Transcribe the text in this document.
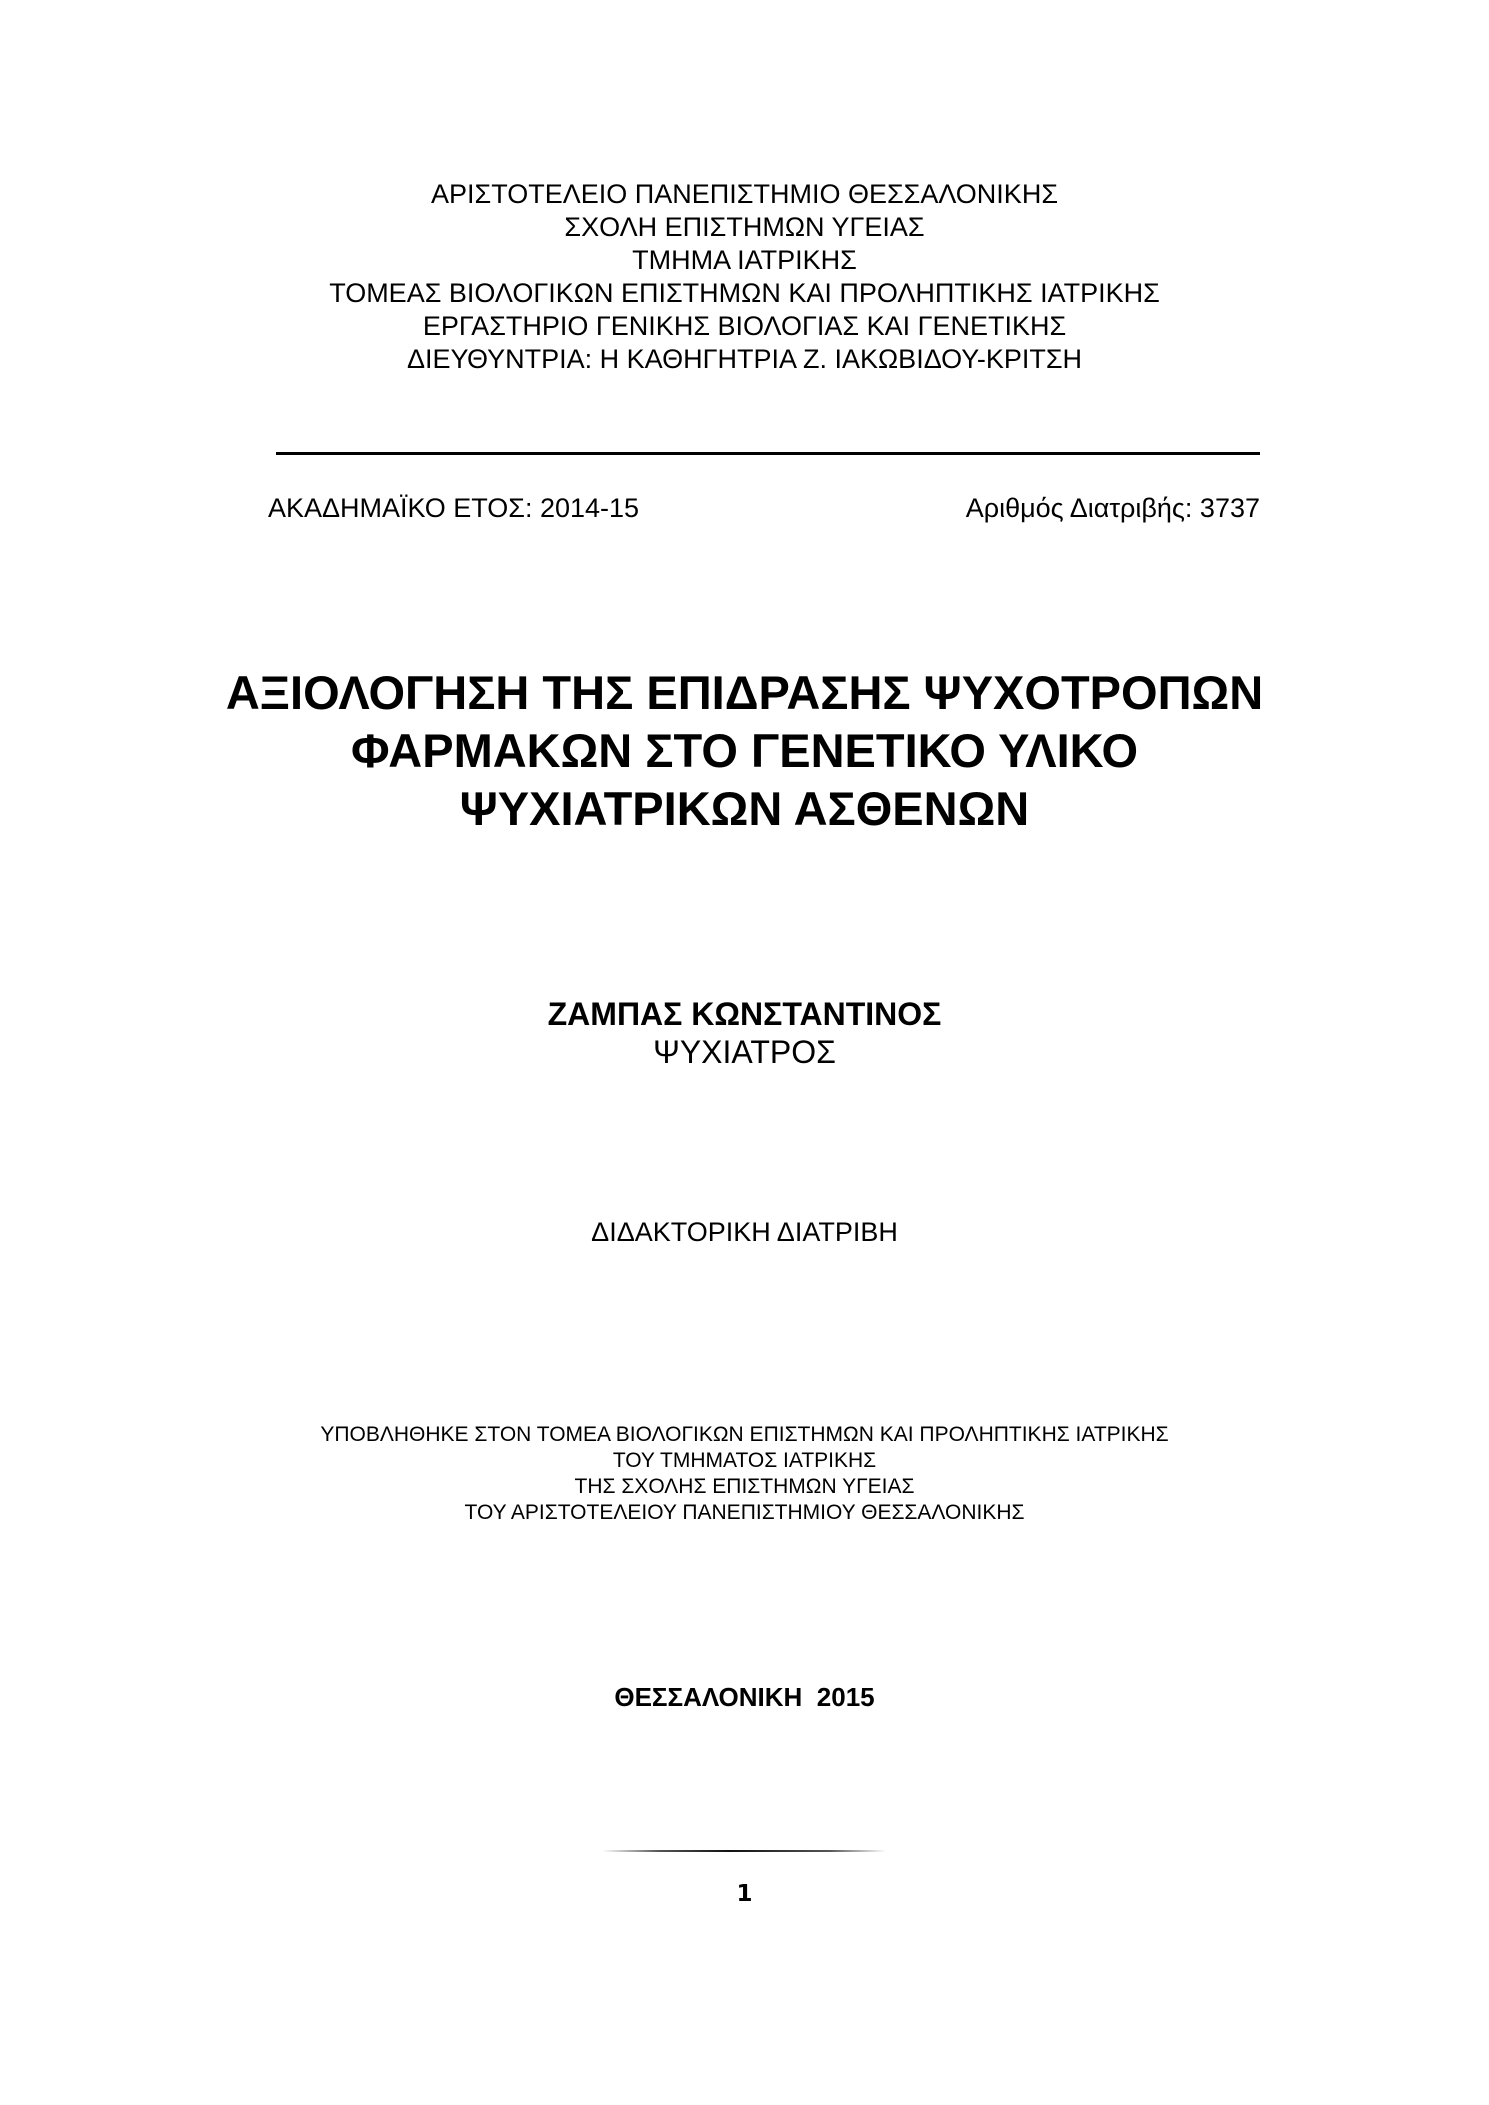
ΑΡΙΣΤΟΤΕΛΕΙΟ ΠΑΝΕΠΙΣΤΗΜΙΟ ΘΕΣΣΑΛΟΝΙΚΗΣ
ΣΧΟΛΗ ΕΠΙΣΤΗΜΩΝ ΥΓΕΙΑΣ
ΤΜΗΜΑ ΙΑΤΡΙΚΗΣ
ΤΟΜΕΑΣ ΒΙΟΛΟΓΙΚΩΝ ΕΠΙΣΤΗΜΩΝ ΚΑΙ ΠΡΟΛΗΠΤΙΚΗΣ ΙΑΤΡΙΚΗΣ
ΕΡΓΑΣΤΗΡΙΟ ΓΕΝΙΚΗΣ ΒΙΟΛΟΓΙΑΣ ΚΑΙ ΓΕΝΕΤΙΚΗΣ
ΔΙΕΥΘΥΝΤΡΙΑ: Η ΚΑΘΗΓΗΤΡΙΑ Ζ. ΙΑΚΩΒΙΔΟΥ-ΚΡΙΤΣΗ
ΑΚΑΔΗΜΑΪΚΟ ΕΤΟΣ: 2014-15	Αριθμός Διατριβής: 3737
ΑΞΙΟΛΟΓΗΣΗ ΤΗΣ ΕΠΙΔΡΑΣΗΣ ΨΥΧΟΤΡΟΠΩΝ
ΦΑΡΜΑΚΩΝ ΣΤΟ ΓΕΝΕΤΙΚΟ ΥΛΙΚΟ
ΨΥΧΙΑΤΡΙΚΩΝ ΑΣΘΕΝΩΝ
ΖΑΜΠΑΣ ΚΩΝΣΤΑΝΤΙΝΟΣ
ΨΥΧΙΑΤΡΟΣ
ΔΙΔΑΚΤΟΡΙΚΗ ΔΙΑΤΡΙΒΗ
ΥΠΟΒΛΗΘΗΚΕ ΣΤΟΝ ΤΟΜΕΑ ΒΙΟΛΟΓΙΚΩΝ ΕΠΙΣΤΗΜΩΝ ΚΑΙ ΠΡΟΛΗΠΤΙΚΗΣ ΙΑΤΡΙΚΗΣ
ΤΟΥ ΤΜΗΜΑΤΟΣ ΙΑΤΡΙΚΗΣ
ΤΗΣ ΣΧΟΛΗΣ ΕΠΙΣΤΗΜΩΝ ΥΓΕΙΑΣ
ΤΟΥ ΑΡΙΣΤΟΤΕΛΕΙΟΥ ΠΑΝΕΠΙΣΤΗΜΙΟΥ ΘΕΣΣΑΛΟΝΙΚΗΣ
ΘΕΣΣΑΛΟΝΙΚΗ  2015
1
